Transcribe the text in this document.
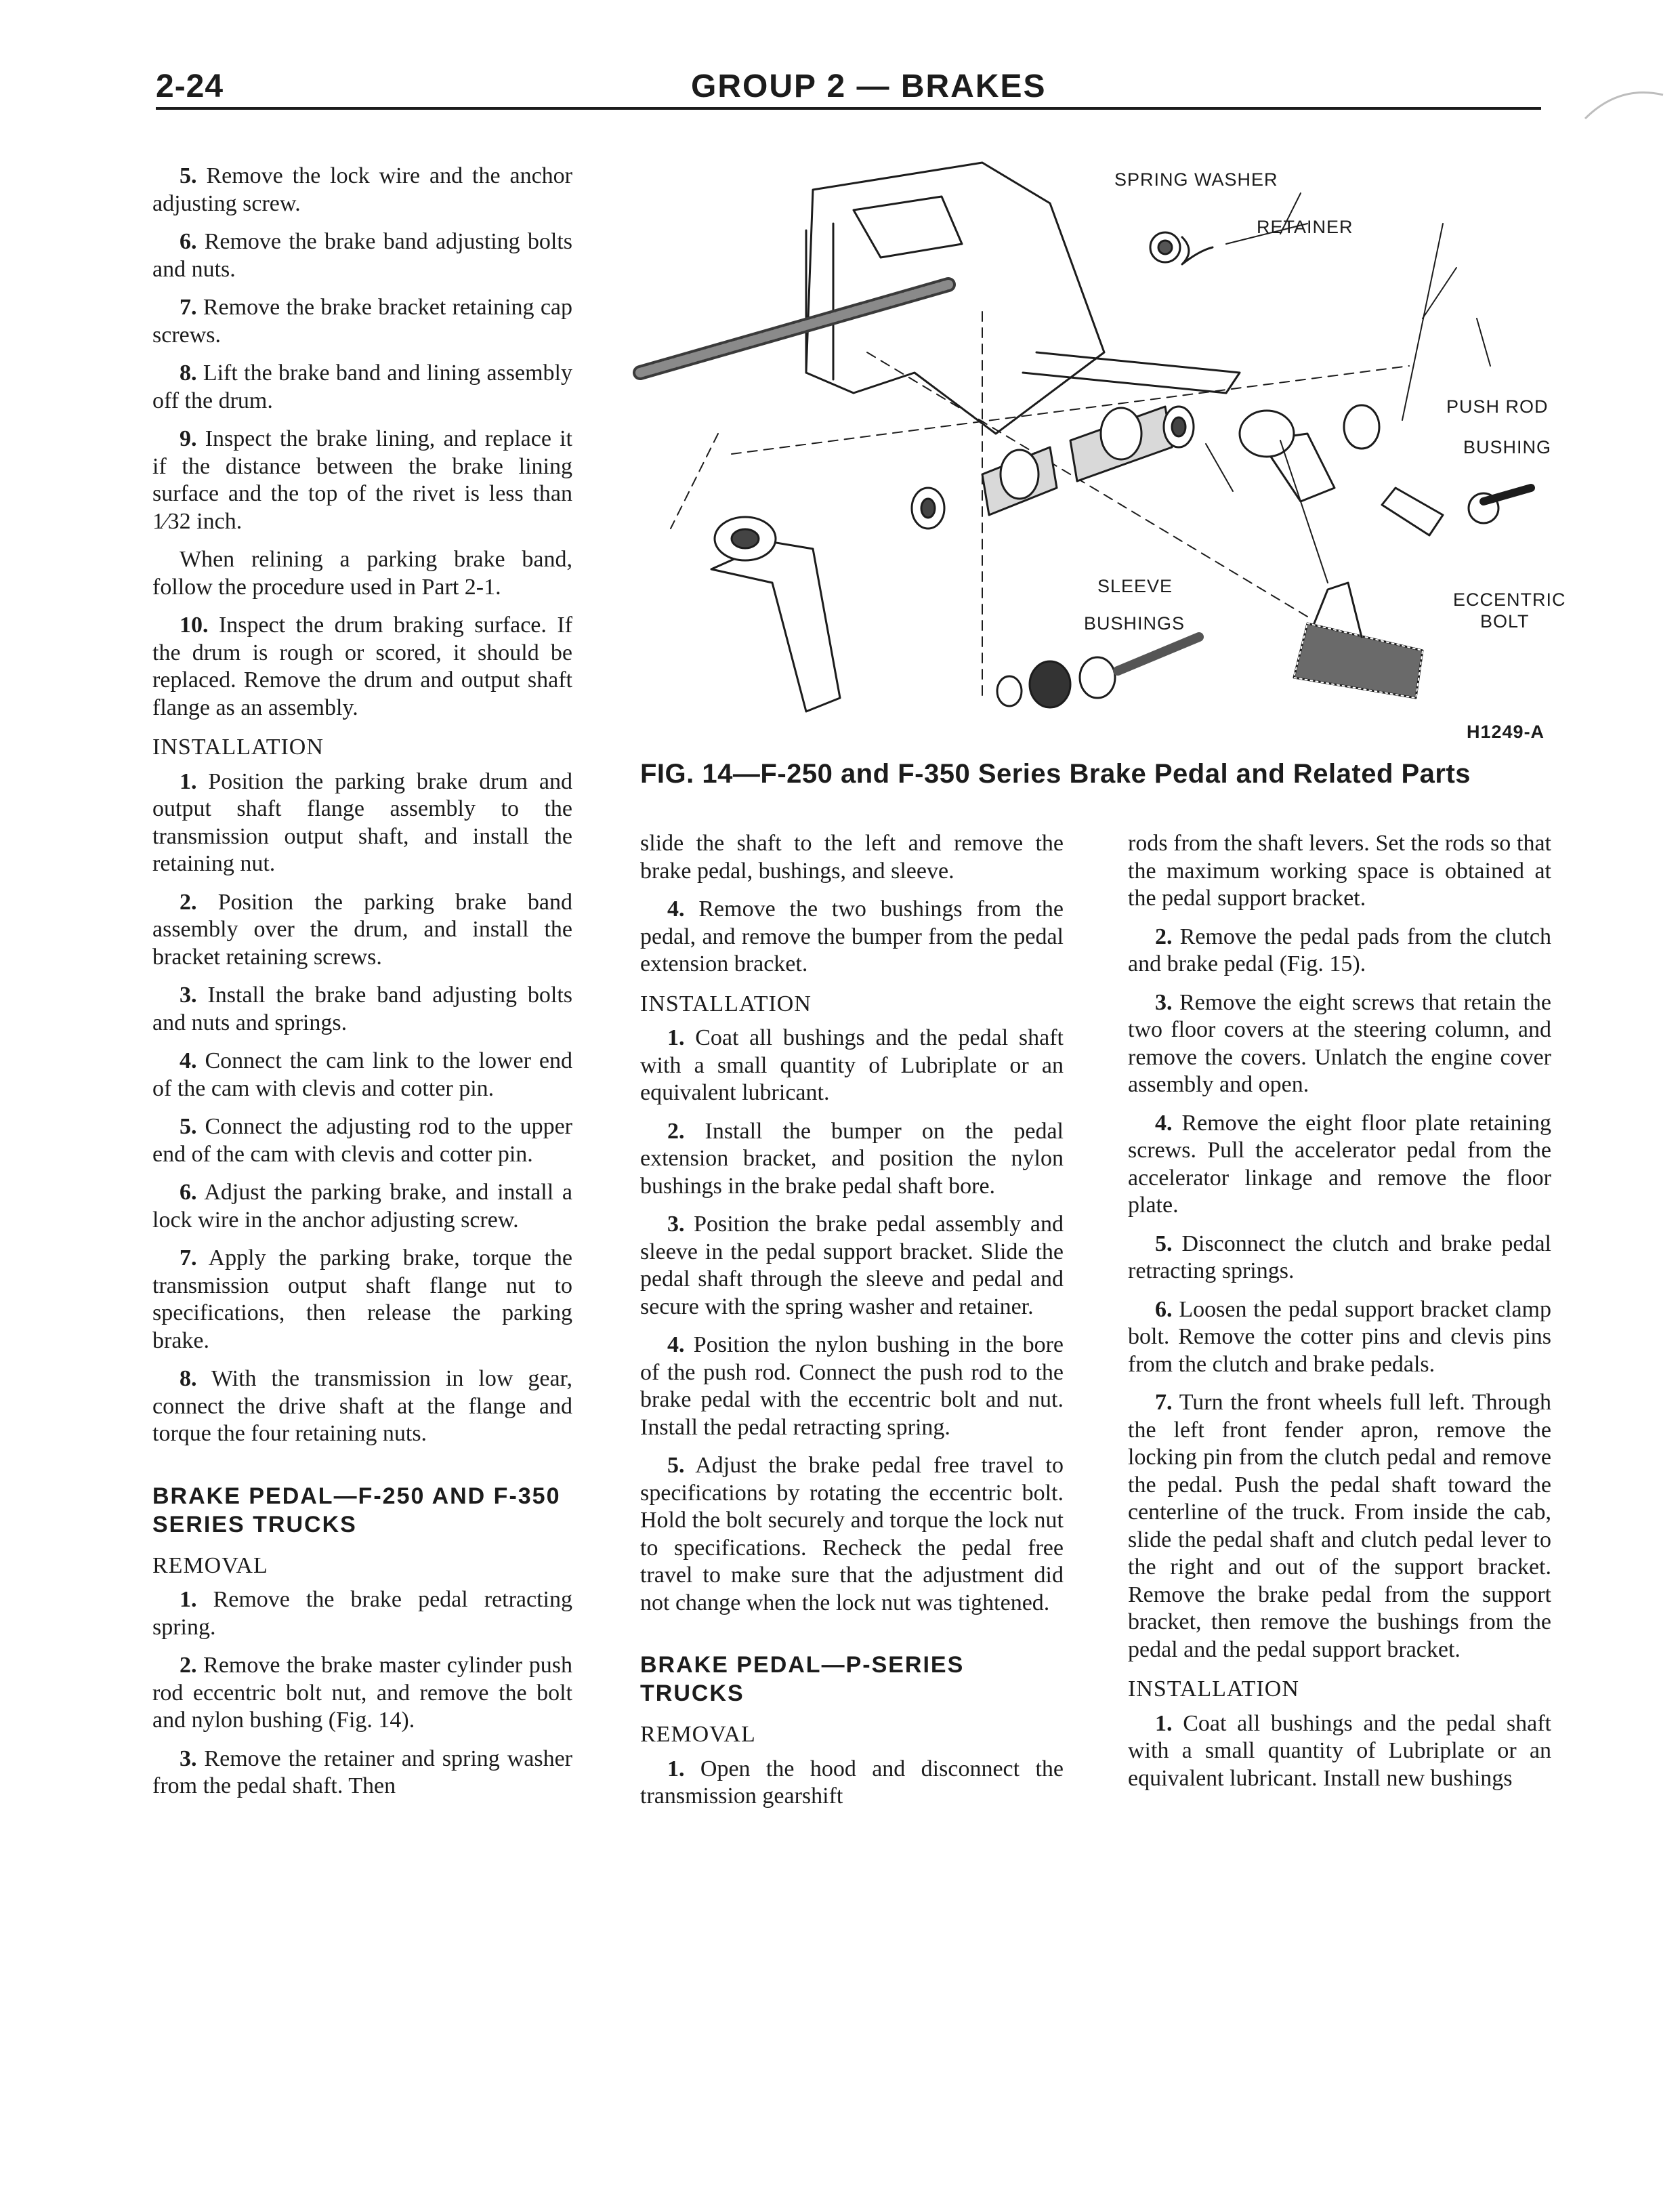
2-24	GROUP 2 — BRAKES

5. Remove the lock wire and the anchor adjusting screw.

6. Remove the brake band adjusting bolts and nuts.

7. Remove the brake bracket retaining cap screws.

8. Lift the brake band and lining assembly off the drum.

9. Inspect the brake lining, and replace it if the distance between the brake lining surface and the top of the rivet is less than 1⁄32 inch.

When relining a parking brake band, follow the procedure used in Part 2-1.

10. Inspect the drum braking surface. If the drum is rough or scored, it should be replaced. Remove the drum and output shaft flange as an assembly.

INSTALLATION

1. Position the parking brake drum and output shaft flange assembly to the transmission output shaft, and install the retaining nut.

2. Position the parking brake band assembly over the drum, and install the bracket retaining screws.

3. Install the brake band adjusting bolts and nuts and springs.

4. Connect the cam link to the lower end of the cam with clevis and cotter pin.

5. Connect the adjusting rod to the upper end of the cam with clevis and cotter pin.

6. Adjust the parking brake, and install a lock wire in the anchor adjusting screw.

7. Apply the parking brake, torque the transmission output shaft flange nut to specifications, then release the parking brake.

8. With the transmission in low gear, connect the drive shaft at the flange and torque the four retaining nuts.

BRAKE PEDAL—F-250 AND F-350 SERIES TRUCKS
REMOVAL

1. Remove the brake pedal retracting spring.

2. Remove the brake master cylinder push rod eccentric bolt nut, and remove the bolt and nylon bushing (Fig. 14).

3. Remove the retainer and spring washer from the pedal shaft. Then

SPRING WASHER
RETAINER
PUSH ROD
BUSHING
ECCENTRIC
BOLT
SLEEVE
BUSHINGS
H1249-A
FIG. 14—F-250 and F-350 Series Brake Pedal and Related Parts

slide the shaft to the left and remove the brake pedal, bushings, and sleeve.

4. Remove the two bushings from the pedal, and remove the bumper from the pedal extension bracket.

INSTALLATION

1. Coat all bushings and the pedal shaft with a small quantity of Lubriplate or an equivalent lubricant.

2. Install the bumper on the pedal extension bracket, and position the nylon bushings in the brake pedal shaft bore.

3. Position the brake pedal assembly and sleeve in the pedal support bracket. Slide the pedal shaft through the sleeve and pedal and secure with the spring washer and retainer.

4. Position the nylon bushing in the bore of the push rod. Connect the push rod to the brake pedal with the eccentric bolt and nut. Install the pedal retracting spring.

5. Adjust the brake pedal free travel to specifications by rotating the eccentric bolt. Hold the bolt securely and torque the lock nut to specifications. Recheck the pedal free travel to make sure that the adjustment did not change when the lock nut was tightened.

BRAKE PEDAL—P-SERIES TRUCKS
REMOVAL

1. Open the hood and disconnect the transmission gearshift

rods from the shaft levers. Set the rods so that the maximum working space is obtained at the pedal support bracket.

2. Remove the pedal pads from the clutch and brake pedal (Fig. 15).

3. Remove the eight screws that retain the two floor covers at the steering column, and remove the covers. Unlatch the engine cover assembly and open.

4. Remove the eight floor plate retaining screws. Pull the accelerator pedal from the accelerator linkage and remove the floor plate.

5. Disconnect the clutch and brake pedal retracting springs.

6. Loosen the pedal support bracket clamp bolt. Remove the cotter pins and clevis pins from the clutch and brake pedals.

7. Turn the front wheels full left. Through the left front fender apron, remove the locking pin from the clutch pedal and remove the pedal. Push the pedal shaft toward the centerline of the truck. From inside the cab, slide the pedal shaft and clutch pedal lever to the right and out of the support bracket. Remove the brake pedal from the support bracket, then remove the bushings from the pedal and the pedal support bracket.

INSTALLATION

1. Coat all bushings and the pedal shaft with a small quantity of Lubriplate or an equivalent lubricant. Install new bushings
